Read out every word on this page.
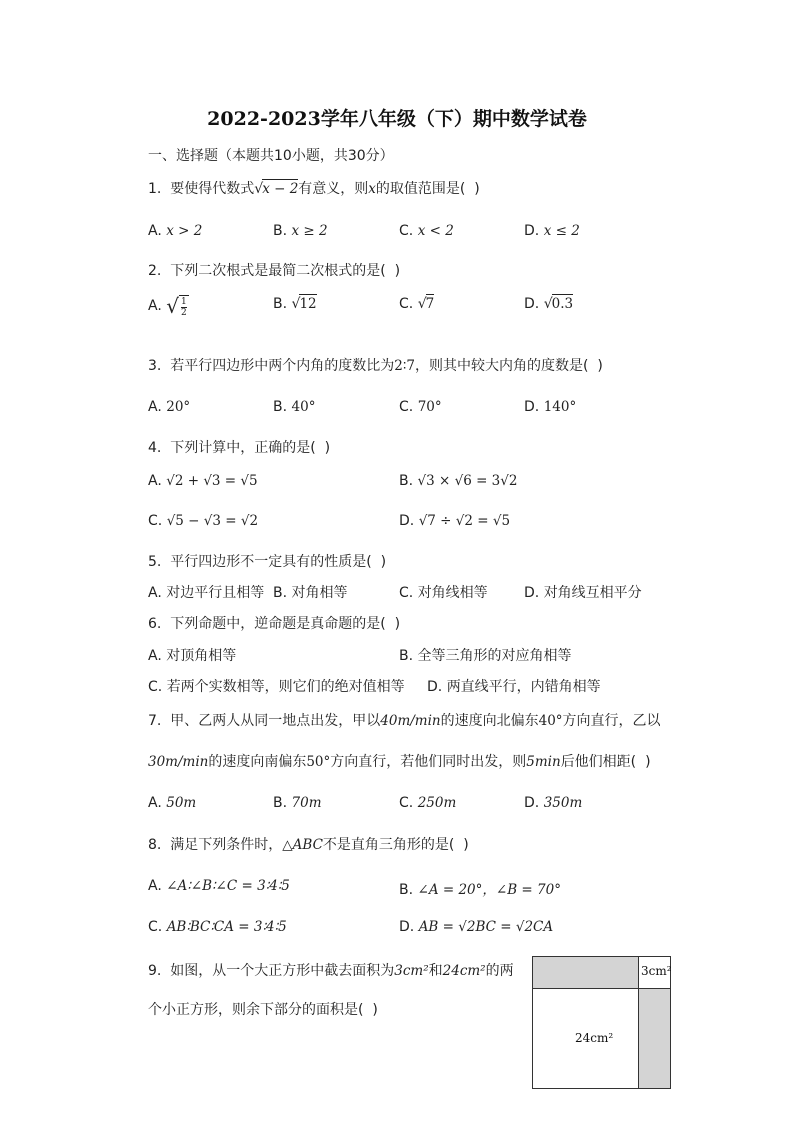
2022-2023学年八年级（下）期中数学试卷
一、选择题（本题共10小题，共30分）
1. 要使得代数式√x − 2有意义，则x的取值范围是( )
A. x > 2	B. x ≥ 2	C. x < 2	D. x ≤ 2
2. 下列二次根式是最简二次根式的是( )
A. √ $\frac{1}{2}$	B. √12	C. √7	D. √0.3
3. 若平行四边形中两个内角的度数比为2∶7，则其中较大内角的度数是( )
A. 20°	B. 40°	C. 70°	D. 140°
4. 下列计算中，正确的是( )
A. √2 + √3 = √5	B. √3 × √6 = 3√2
C. √5 − √3 = √2	D. √7 ÷ √2 = √5
5. 平行四边形不一定具有的性质是( )
A. 对边平行且相等 B. 对角相等	C. 对角线相等	D. 对角线互相平分
6. 下列命题中，逆命题是真命题的是( )
A. 对顶角相等	B. 全等三角形的对应角相等
C. 若两个实数相等，则它们的绝对值相等 D. 两直线平行，内错角相等
7. 甲、乙两人从同一地点出发，甲以40m/min的速度向北偏东40°方向直行，乙以
30m/min的速度向南偏东50°方向直行，若他们同时出发，则5min后他们相距( )
A. 50m	B. 70m	C. 250m	D. 350m
8. 满足下列条件时，△ABC不是直角三角形的是( )
A. ∠A∶∠B∶∠C = 3∶4∶5	B. ∠A = 20°，∠B = 70°
C. AB∶BC∶CA = 3∶4∶5	D. AB = √2BC = √2CA
9. 如图，从一个大正方形中截去面积为3cm²和24cm²的两
个小正方形，则余下部分的面积是( )
3cm²
24cm²
